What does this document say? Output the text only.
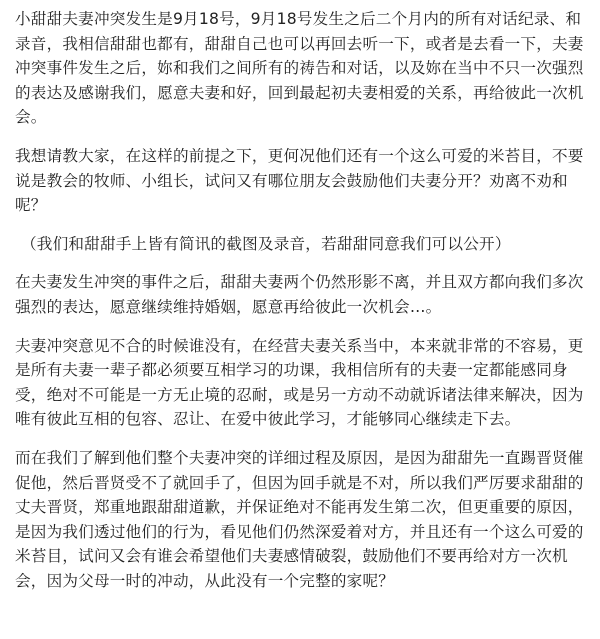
小甜甜夫妻冲突发生是9月18号，9月18号发生之后二个月内的所有对话纪录、和录音，我相信甜甜也都有，甜甜自己也可以再回去听一下，或者是去看一下，夫妻冲突事件发生之后，妳和我们之间所有的祷告和对话，以及妳在当中不只一次强烈的表达及感谢我们，愿意夫妻和好，回到最起初夫妻相爱的关系，再给彼此一次机会。

我想请教大家，在这样的前提之下，更何况他们还有一个这么可爱的米苔目，不要说是教会的牧师、小组长，试问又有哪位朋友会鼓励他们夫妻分开？劝离不劝和呢？

（我们和甜甜手上皆有简讯的截图及录音，若甜甜同意我们可以公开）

在夫妻发生冲突的事件之后，甜甜夫妻两个仍然形影不离，并且双方都向我们多次强烈的表达，愿意继续维持婚姻，愿意再给彼此一次机会…。

夫妻冲突意见不合的时候谁没有，在经营夫妻关系当中，本来就非常的不容易，更是所有夫妻一辈子都必须要互相学习的功课，我相信所有的夫妻一定都能感同身受，绝对不可能是一方无止境的忍耐，或是另一方动不动就诉诸法律来解决，因为唯有彼此互相的包容、忍让、在爱中彼此学习，才能够同心继续走下去。

而在我们了解到他们整个夫妻冲突的详细过程及原因，是因为甜甜先一直踢晋贤催促他，然后晋贤受不了就回手了，但因为回手就是不对，所以我们严厉要求甜甜的丈夫晋贤，郑重地跟甜甜道歉，并保证绝对不能再发生第二次，但更重要的原因，是因为我们透过他们的行为，看见他们仍然深爱着对方，并且还有一个这么可爱的米苔目，试问又会有谁会希望他们夫妻感情破裂，鼓励他们不要再给对方一次机会，因为父母一时的冲动，从此没有一个完整的家呢？
